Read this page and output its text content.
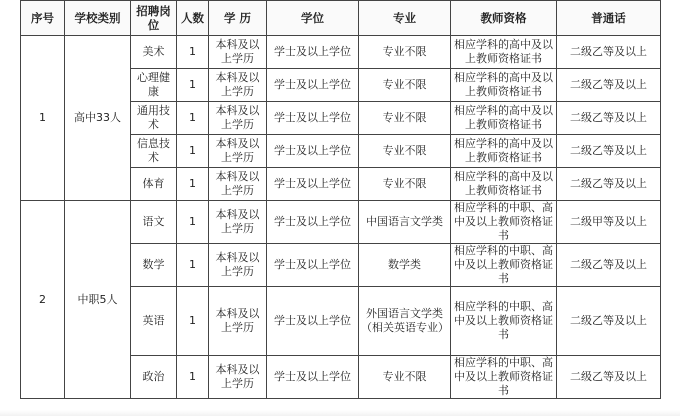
序号	学校类别	招聘岗位	人数	学 历	学位	专业	教师资格	普通话
1	高中33人	美术	1	本科及以上学历	学士及以上学位	专业不限	相应学科的高中及以上教师资格证书	二级乙等及以上
		心理健康	1	本科及以上学历	学士及以上学位	专业不限	相应学科的高中及以上教师资格证书	二级乙等及以上
		通用技术	1	本科及以上学历	学士及以上学位	专业不限	相应学科的高中及以上教师资格证书	二级乙等及以上
		信息技术	1	本科及以上学历	学士及以上学位	专业不限	相应学科的高中及以上教师资格证书	二级乙等及以上
		体育	1	本科及以上学历	学士及以上学位	专业不限	相应学科的高中及以上教师资格证书	二级乙等及以上
2	中职5人	语文	1	本科及以上学历	学士及以上学位	中国语言文学类	相应学科的中职、高中及以上教师资格证书	二级甲等及以上
		数学	1	本科及以上学历	学士及以上学位	数学类	相应学科的中职、高中及以上教师资格证书	二级乙等及以上
		英语	1	本科及以上学历	学士及以上学位	外国语言文学类（相关英语专业）	相应学科的中职、高中及以上教师资格证书	二级乙等及以上
		政治	1	本科及以上学历	学士及以上学位	专业不限	相应学科的中职、高中及以上教师资格证书	二级乙等及以上
